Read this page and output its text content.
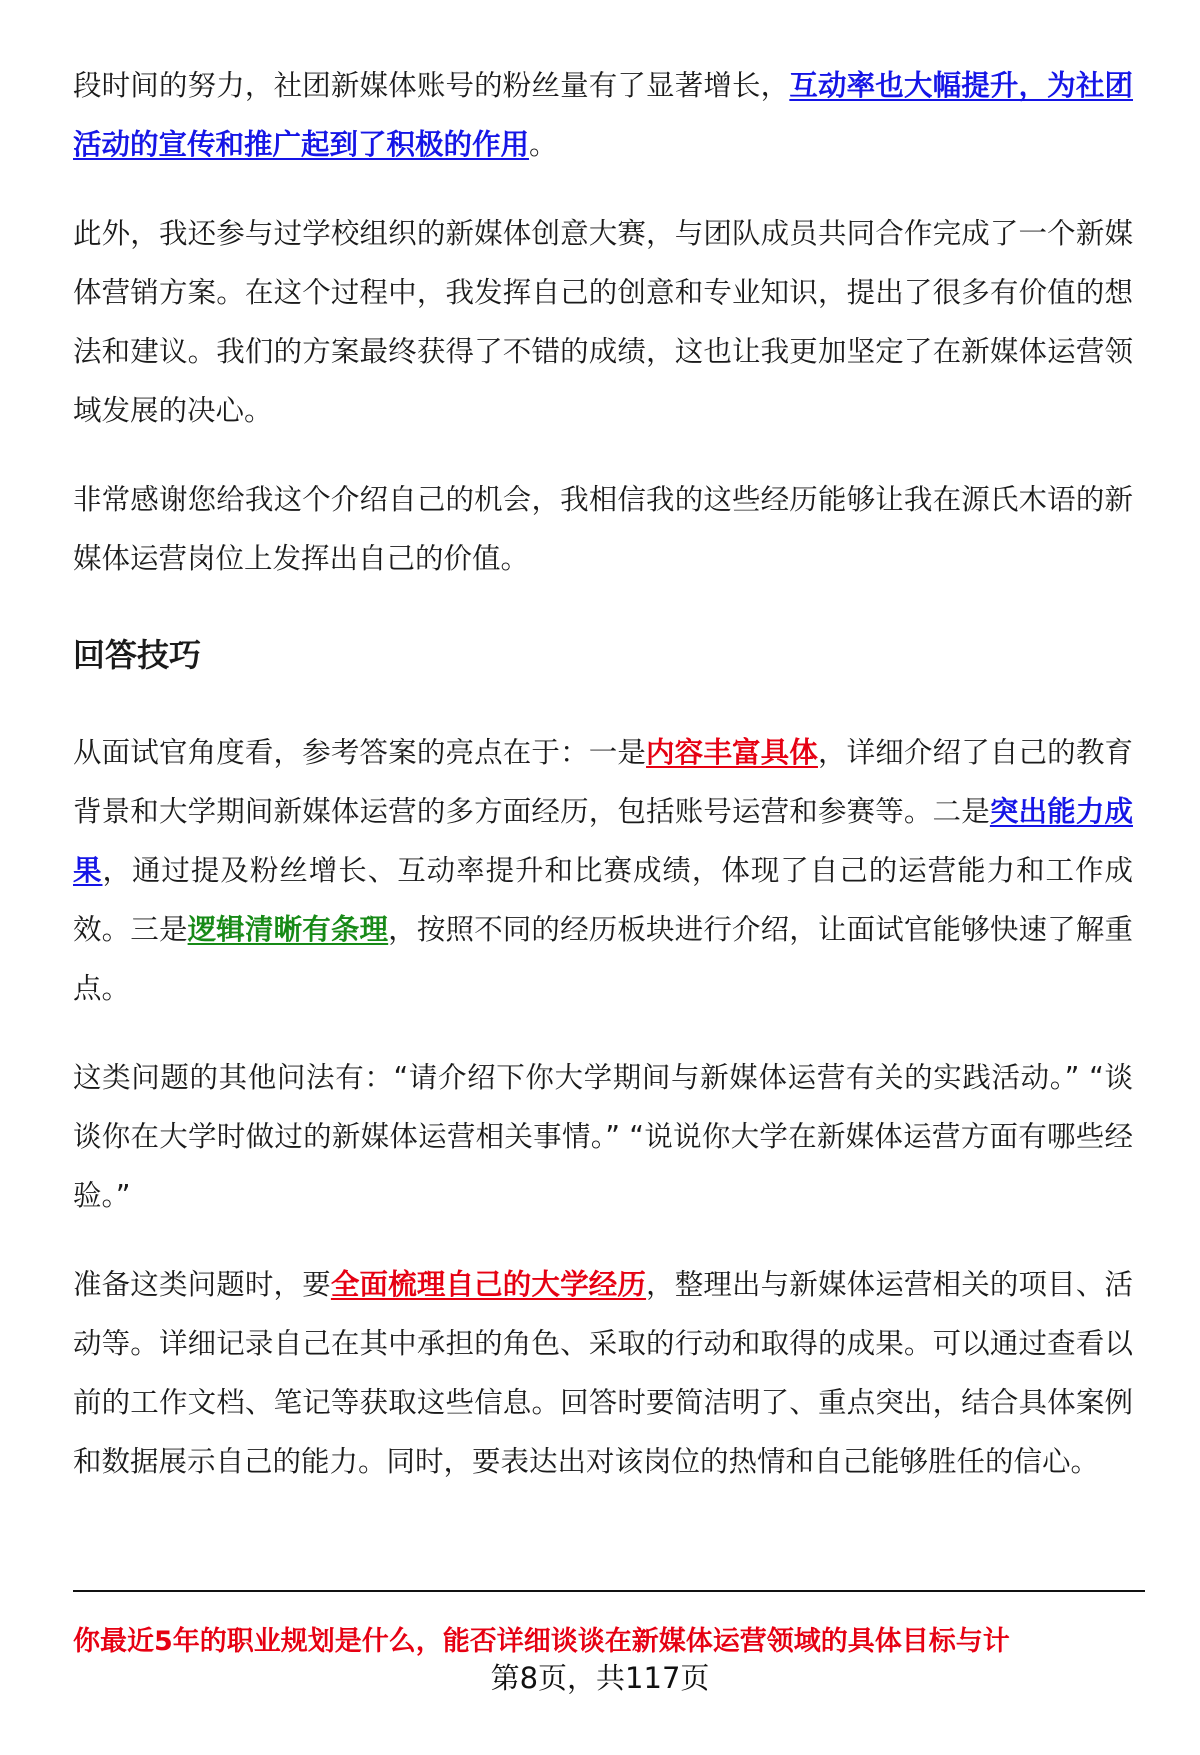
段时间的努力，社团新媒体账号的粉丝量有了显著增长，互动率也大幅提升，为社团活动的宣传和推广起到了积极的作用。

此外，我还参与过学校组织的新媒体创意大赛，与团队成员共同合作完成了一个新媒体营销方案。在这个过程中，我发挥自己的创意和专业知识，提出了很多有价值的想法和建议。我们的方案最终获得了不错的成绩，这也让我更加坚定了在新媒体运营领域发展的决心。

非常感谢您给我这个介绍自己的机会，我相信我的这些经历能够让我在源氏木语的新媒体运营岗位上发挥出自己的价值。

回答技巧

从面试官角度看，参考答案的亮点在于：一是内容丰富具体，详细介绍了自己的教育背景和大学期间新媒体运营的多方面经历，包括账号运营和参赛等。二是突出能力成果，通过提及粉丝增长、互动率提升和比赛成绩，体现了自己的运营能力和工作成效。三是逻辑清晰有条理，按照不同的经历板块进行介绍，让面试官能够快速了解重点。

这类问题的其他问法有：“请介绍下你大学期间与新媒体运营有关的实践活动。” “谈谈你在大学时做过的新媒体运营相关事情。” “说说你大学在新媒体运营方面有哪些经验。”

准备这类问题时，要全面梳理自己的大学经历，整理出与新媒体运营相关的项目、活动等。详细记录自己在其中承担的角色、采取的行动和取得的成果。可以通过查看以前的工作文档、笔记等获取这些信息。回答时要简洁明了、重点突出，结合具体案例和数据展示自己的能力。同时，要表达出对该岗位的热情和自己能够胜任的信心。

你最近5年的职业规划是什么，能否详细谈谈在新媒体运营领域的具体目标与计
第8页，共117页
